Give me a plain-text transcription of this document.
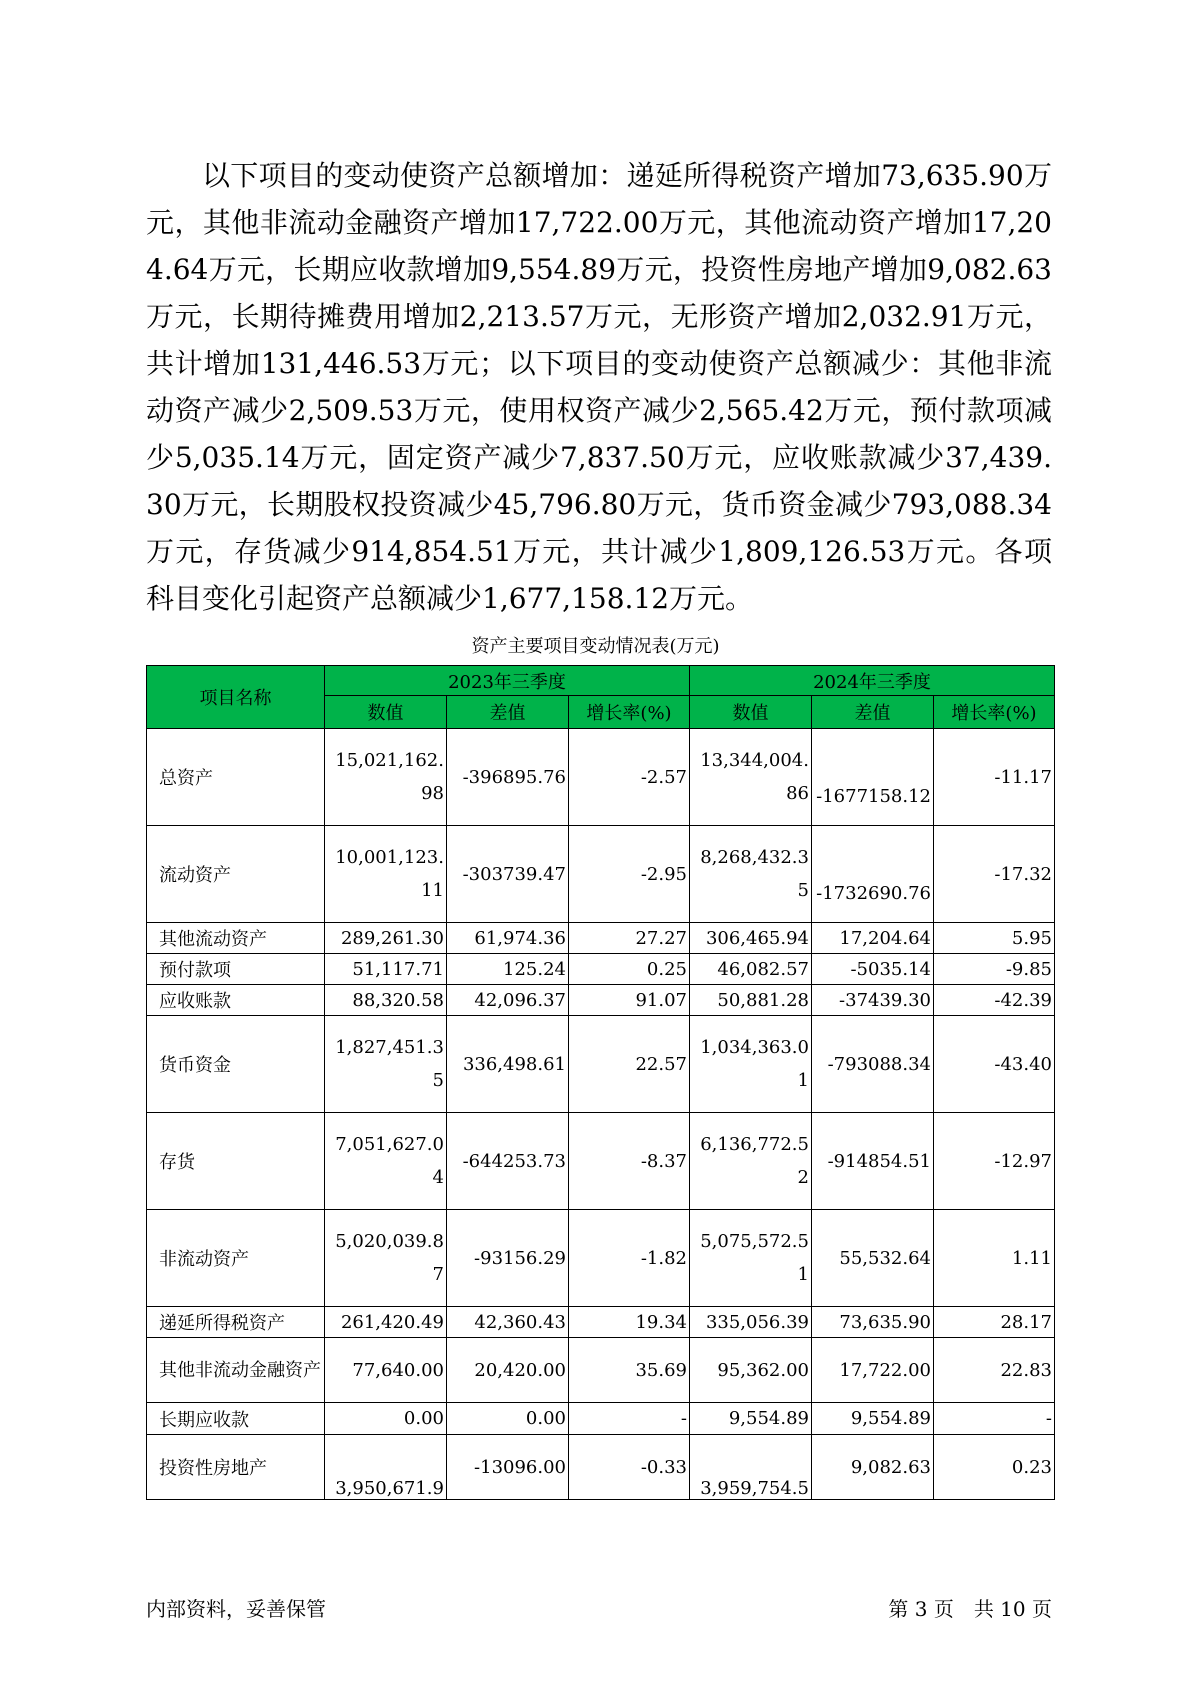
以下项目的变动使资产总额增加：递延所得税资产增加73,635.90万元，其他非流动金融资产增加17,722.00万元，其他流动资产增加17,204.64万元，长期应收款增加9,554.89万元，投资性房地产增加9,082.63万元，长期待摊费用增加2,213.57万元，无形资产增加2,032.91万元，共计增加131,446.53万元；以下项目的变动使资产总额减少：其他非流动资产减少2,509.53万元，使用权资产减少2,565.42万元，预付款项减少5,035.14万元，固定资产减少7,837.50万元，应收账款减少37,439.30万元，长期股权投资减少45,796.80万元，货币资金减少793,088.34万元，存货减少914,854.51万元，共计减少1,809,126.53万元。各项科目变化引起资产总额减少1,677,158.12万元。

资产主要项目变动情况表(万元)
项目名称	2023年三季度			2024年三季度		
	数值	差值	增长率(%)	数值	差值	增长率(%)
总资产	15,021,162.98	-396895.76	-2.57	13,344,004.86	-1677158.12	-11.17
流动资产	10,001,123.11	-303739.47	-2.95	8,268,432.35	-1732690.76	-17.32
其他流动资产	289,261.30	61,974.36	27.27	306,465.94	17,204.64	5.95
预付款项	51,117.71	125.24	0.25	46,082.57	-5035.14	-9.85
应收账款	88,320.58	42,096.37	91.07	50,881.28	-37439.30	-42.39
货币资金	1,827,451.35	336,498.61	22.57	1,034,363.01	-793088.34	-43.40
存货	7,051,627.04	-644253.73	-8.37	6,136,772.52	-914854.51	-12.97
非流动资产	5,020,039.87	-93156.29	-1.82	5,075,572.51	55,532.64	1.11
递延所得税资产	261,420.49	42,360.43	19.34	335,056.39	73,635.90	28.17
其他非流动金融资产	77,640.00	20,420.00	35.69	95,362.00	17,722.00	22.83
长期应收款	0.00	0.00	-	9,554.89	9,554.89	-
投资性房地产	3,950,671.9	-13096.00	-0.33	3,959,754.5	9,082.63	0.23
内部资料，妥善保管	第 3 页　共 10 页
